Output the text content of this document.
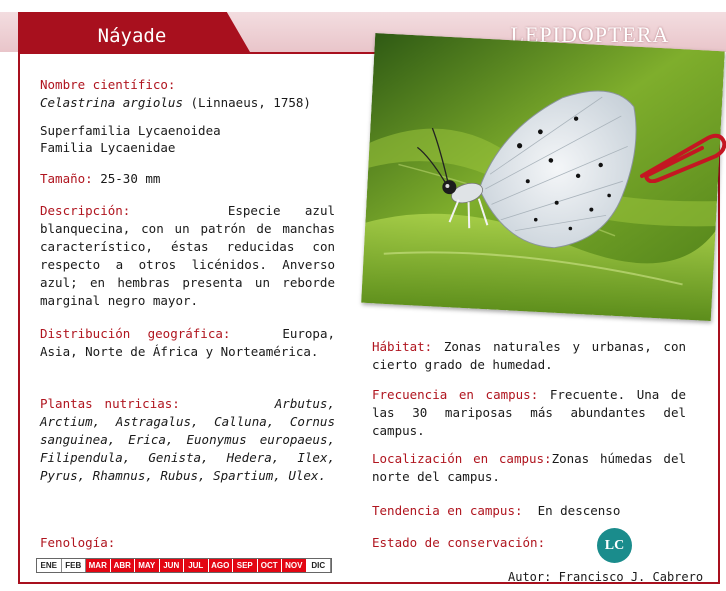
Náyade	LEPIDOPTERA
Nombre científico:
Celastrina argiolus (Linnaeus, 1758)
Superfamilia Lycaenoidea
Familia Lycaenidae
Tamaño: 25-30 mm
Descripción:	Especie azul blanquecina, con un patrón de manchas característico, éstas reducidas con respecto a otros licénidos. Anverso azul; en hembras presenta un reborde marginal negro mayor.
Distribución geográfica:	Europa, Asia, Norte de África y Norteamérica.
Plantas nutricias:	Arbutus, Arctium, Astragalus, Calluna, Cornus sanguinea, Erica, Euonymus europaeus, Filipendula, Genista, Hedera, Ilex, Pyrus, Rhamnus, Rubus, Spartium, Ulex.
Fenología:
ENE	FEB MAR ABR MAY JUN	JUL AGO SEP	OCT NOV	DIC
Hábitat: Zonas naturales y urbanas, con cierto grado de humedad.
Frecuencia en campus: Frecuente. Una de las 30 mariposas más abundantes del campus.
Localización en campus:Zonas húmedas del norte del campus.
Tendencia en campus: En descenso
Estado de conservación:	LC
Autor: Francisco J. Cabrero
